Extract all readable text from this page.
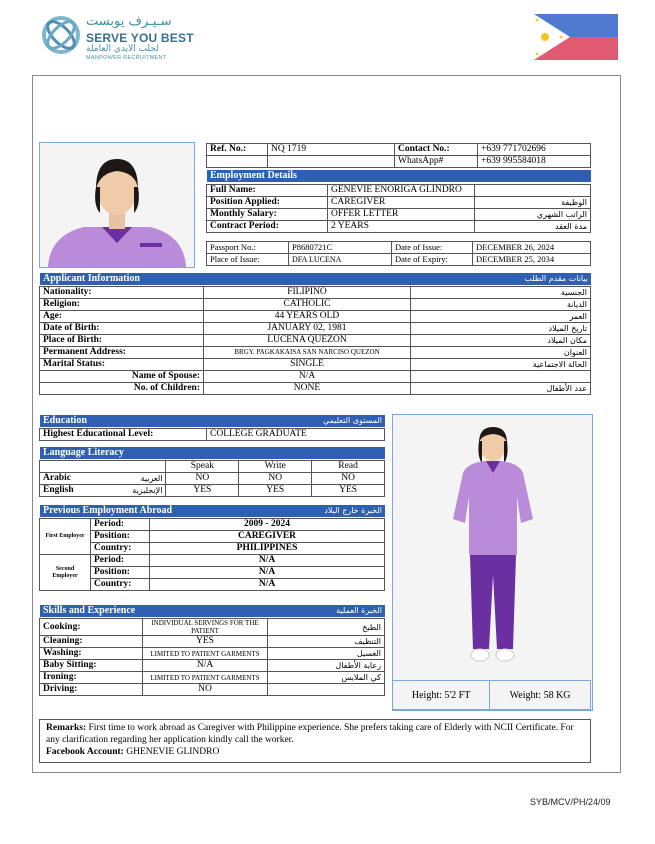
سـيـرف يوبست
SERVE YOU BEST
لجلب الايدي العاملة
MANPOWER RECRUITMENT
Ref. No.:	NQ 1719	Contact No.:	+639 771702696
		WhatsApp#	+639 995584018
Employment Details
Full Name:	GENEVIE ENORIGA GLINDRO	
Position Applied:	CAREGIVER	الوظيفة
Monthly Salary:	OFFER LETTER	الراتب الشهري
Contract Period:	2 YEARS	مدة العقد
Passport No.:	P8680721C	Date of Issue:	DECEMBER 26, 2024
Place of Issue:	DFA LUCENA	Date of Expiry:	DECEMBER 25, 2034
Applicant Information	بيانات مقدم الطلب
Nationality:	FILIPINO	الجنسية
Religion:	CATHOLIC	الديانة
Age:	44 YEARS OLD	العمر
Date of Birth:	JANUARY 02, 1981	تاريخ الميلاد
Place of Birth:	LUCENA QUEZON	مكان الميلاد
Permanent Address:	BRGY. PAGKAKAISA SAN NARCISO QUEZON	العنوان
Marital Status:	SINGLE	الحالة الاجتماعية
Name of Spouse:	N/A	
No. of Children:	NONE	عدد الأطفال
Education	المستوى التعليمي
Highest Educational Level:	COLLEGE GRADUATE
Language Literacy
	Speak	Write	Read
Arabic العربية	NO	NO	NO
English الإنجليزية	YES	YES	YES
Previous Employment Abroad	الخبرة خارج البلاد
First Employer	Period:	2009 - 2024
	Position:	CAREGIVER
	Country:	PHILIPPINES
Second Employer	Period:	N/A
	Position:	N/A
	Country:	N/A
Skills and Experience	الخبرة العملية
Cooking:	INDIVIDUAL SERVINGS FOR THE PATIENT	الطبخ
Cleaning:	YES	التنظيف
Washing:	LIMITED TO PATIENT GARMENTS	الغسيل
Baby Sitting:	N/A	رعاية الأطفال
Ironing:	LIMITED TO PATIENT GARMENTS	كي الملابس
Driving:	NO	
Height: 5'2 FT	Weight: 58 KG
Remarks: First time to work abroad as Caregiver with Philippine experience. She prefers taking care of Elderly with NCII Certificate. For any clarification regarding her application kindly call the worker.
Facebook Account: GHENEVIE GLINDRO
SYB/MCV/PH/24/09
